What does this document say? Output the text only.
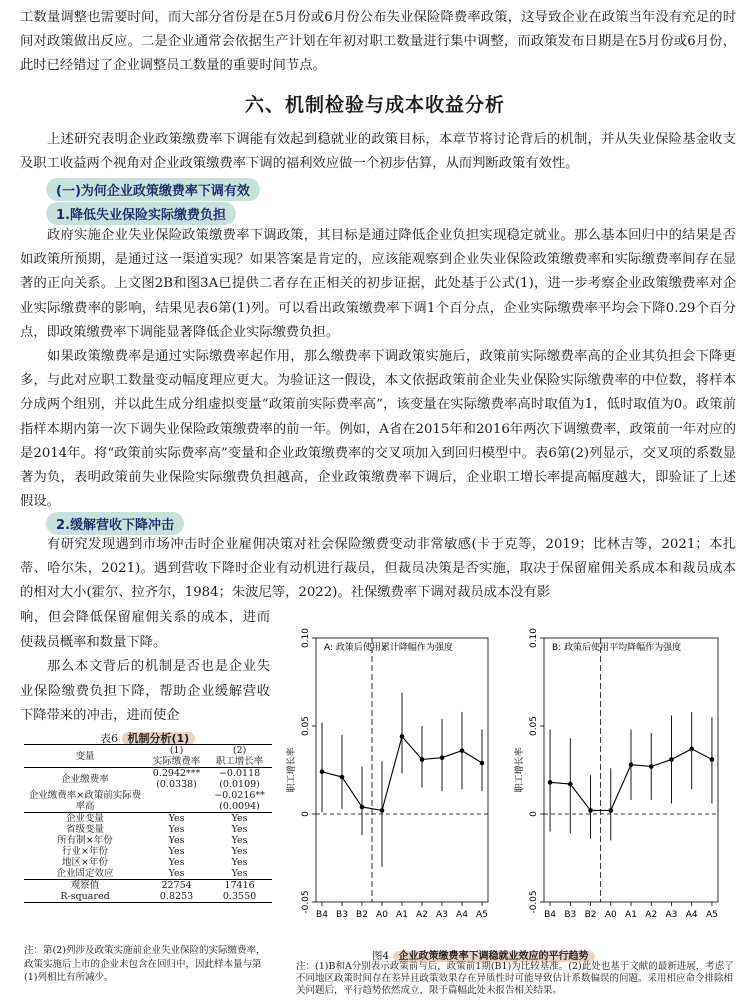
工数量调整也需要时间，而大部分省份是在5月份或6月份公布失业保险降费率政策，这导致企业在政策当年没有充足的时间对政策做出反应。二是企业通常会依据生产计划在年初对职工数量进行集中调整，而政策发布日期是在5月份或6月份，此时已经错过了企业调整员工数量的重要时间节点。

六、机制检验与成本收益分析

上述研究表明企业政策缴费率下调能有效起到稳就业的政策目标，本章节将讨论背后的机制，并从失业保险基金收支及职工收益两个视角对企业政策缴费率下调的福利效应做一个初步估算，从而判断政策有效性。

(一)为何企业政策缴费率下调有效
1.降低失业保险实际缴费负担

政府实施企业失业保险政策缴费率下调政策，其目标是通过降低企业负担实现稳定就业。那么基本回归中的结果是否如政策所预期，是通过这一渠道实现？如果答案是肯定的，应该能观察到企业失业保险政策缴费率和实际缴费率间存在显著的正向关系。上文图2B和图3A已提供二者存在正相关的初步证据，此处基于公式(1)，进一步考察企业政策缴费率对企业实际缴费率的影响，结果见表6第(1)列。可以看出政策缴费率下调1个百分点，企业实际缴费率平均会下降0.29个百分点，即政策缴费率下调能显著降低企业实际缴费负担。

如果政策缴费率是通过实际缴费率起作用，那么缴费率下调政策实施后，政策前实际缴费率高的企业其负担会下降更多，与此对应职工数量变动幅度理应更大。为验证这一假设，本文依据政策前企业失业保险实际缴费率的中位数，将样本分成两个组别，并以此生成分组虚拟变量“政策前实际费率高”，该变量在实际缴费率高时取值为1，低时取值为0。政策前指样本期内第一次下调失业保险政策缴费率的前一年。例如，A省在2015年和2016年两次下调缴费率，政策前一年对应的是2014年。将“政策前实际费率高”变量和企业政策缴费率的交叉项加入到回归模型中。表6第(2)列显示，交叉项的系数显著为负，表明政策前失业保险实际缴费负担越高，企业政策缴费率下调后，企业职工增长率提高幅度越大，即验证了上述假设。

2.缓解营收下降冲击

有研究发现遇到市场冲击时企业雇佣决策对社会保险缴费变动非常敏感(卡于克等，2019；比林吉等，2021；本扎蒂、哈尔朱，2021)。遇到营收下降时企业有动机进行裁员，但裁员决策是否实施，取决于保留雇佣关系成本和裁员成本的相对大小(霍尔、拉齐尔，1984；朱波尼等，2022)。社保缴费率下调对裁员成本没有影

响，但会降低保留雇佣关系的成本，进而使裁员概率和数量下降。

那么本文背后的机制是否也是企业失业保险缴费负担下降，帮助企业缓解营收下降带来的冲击，进而使企

表6 机制分析(1)
变量	(1)	(2)
	实际缴费率	职工增长率
企业缴费率	0.2942***	−0.0118
	(0.0338)	(0.0109)
企业缴费率×政策前实际费率高		−0.0216**
		(0.0094)
企业变量	Yes	Yes
省级变量	Yes	Yes
所有制×年份	Yes	Yes
行业×年份	Yes	Yes
地区×年份	Yes	Yes
企业固定效应	Yes	Yes
观察值	22754	17416
R-squared	0.8253	0.3550
注：第(2)列涉及政策实施前企业失业保险的实际缴费率，政策实施后上市的企业未包含在回归中，因此样本量与第(1)列相比有所减少。
A: 政策后使用累计降幅作为强度
-0.05
0
0.05
0.10
职工增长率
B4 B3 B2 A0 A1 A2 A3 A4 A5
B: 政策后使用平均降幅作为强度
-0.05
0
0.05
0.10
职工增长率
B4 B3 B2 A0 A1 A2 A3 A4 A5
图4 企业政策缴费率下调稳就业效应的平行趋势
注：(1)B和A分别表示政策前与后，政策前1期(B1)为比较基准。(2)此处也基于文献的最新进展，考虑了不同地区政策时间存在差异且政策效果存在异质性时可能导致估计系数偏误的问题。采用相应命令排除相关问题后，平行趋势依然成立，限于篇幅此处未报告相关结果。
